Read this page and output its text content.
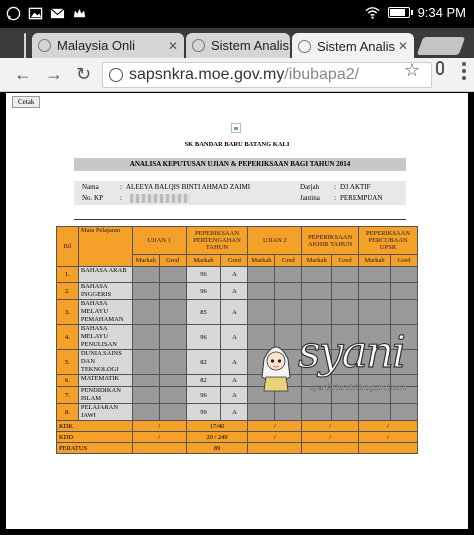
9:34 PM
Malaysia Onli	✕	Sistem Analis Sistem Analis ✕
← → ↻ sapsnkra.moe.gov.my/ibubapa2/	☆
Cetak
SK BANDAR BARU BATANG KALI
ANALISA KEPUTUSAN UJIAN & PEPERIKSAAN BAGI TAHUN 2014
Nama	: ALEEYA BALQIS BINTI AHMAD ZAIMI	Darjah : D3 AKTIF
No. KP :	Jantina : PEREMPUAN
Bil	Mata Pelajaran	UJIAN 1		PEPERIKSAAN PERTENGAHAN TAHUN		UJIAN 2		PEPERIKSAAN AKHIR TAHUN		PEPERIKSAAN PERCUBAAN UPSR	
		Markah	Gred	Markah	Gred	Markah	Gred	Markah	Gred	Markah	Gred
1.	BAHASA ARAB			96	A						
2.	BAHASA INGGERIS			96	A						
3.	BAHASA MELAYU PEMAHAMAN			85	A						
4.	BAHASA MELAYU PENULISAN			96	A						
5.	DUNIA SAINS DAN TEKNOLOGI			82	A						
6.	MATEMATIK			82	A						
7.	PENDIDIKAN ISLAM			96	A						
8.	PELAJARAN JAWI			99	A						
KDK		/		17/40		/		/		/	
KDD		/		20 / 249		/		/		/	
PERATUS				89							
syani
syaniartersisi.blogspot.com
